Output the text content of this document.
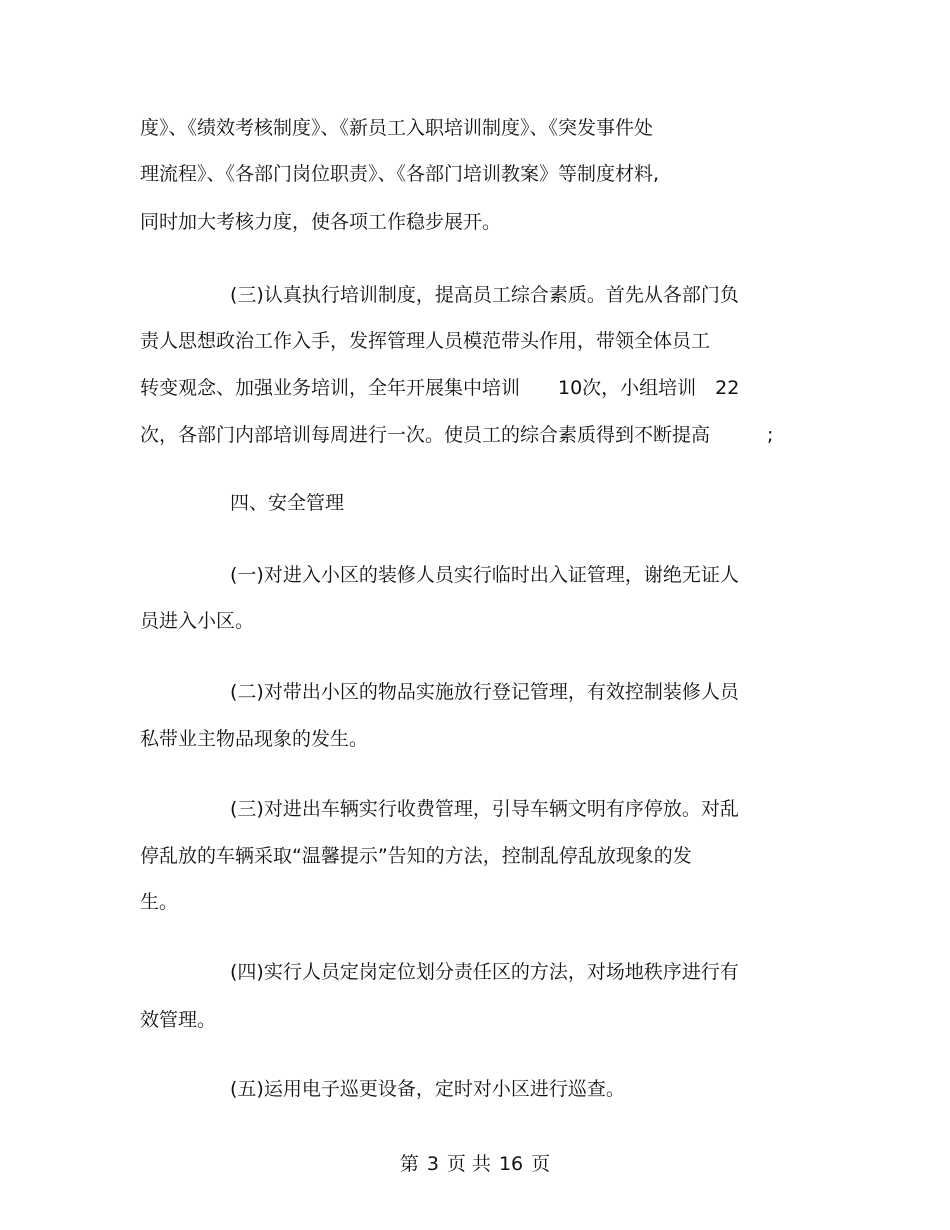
度》、《绩效考核制度》、《新员工入职培训制度》、《突发事件处
理流程》、《各部门岗位职责》、《各部门培训教案》等制度材料,
同时加大考核力度，使各项工作稳步展开。
(三)认真执行培训制度，提高员工综合素质。首先从各部门负
责人思想政治工作入手，发挥管理人员模范带头作用，带领全体员工
转变观念、加强业务培训，全年开展集中培训　　10次，小组培训　22
次，各部门内部培训每周进行一次。使员工的综合素质得到不断提高　　　;
四、安全管理
(一)对进入小区的装修人员实行临时出入证管理，谢绝无证人
员进入小区。
(二)对带出小区的物品实施放行登记管理，有效控制装修人员
私带业主物品现象的发生。
(三)对进出车辆实行收费管理，引导车辆文明有序停放。对乱
停乱放的车辆采取“温馨提示”告知的方法，控制乱停乱放现象的发
生。
(四)实行人员定岗定位划分责任区的方法，对场地秩序进行有
效管理。
(五)运用电子巡更设备，定时对小区进行巡查。
第 3 页 共 16 页
